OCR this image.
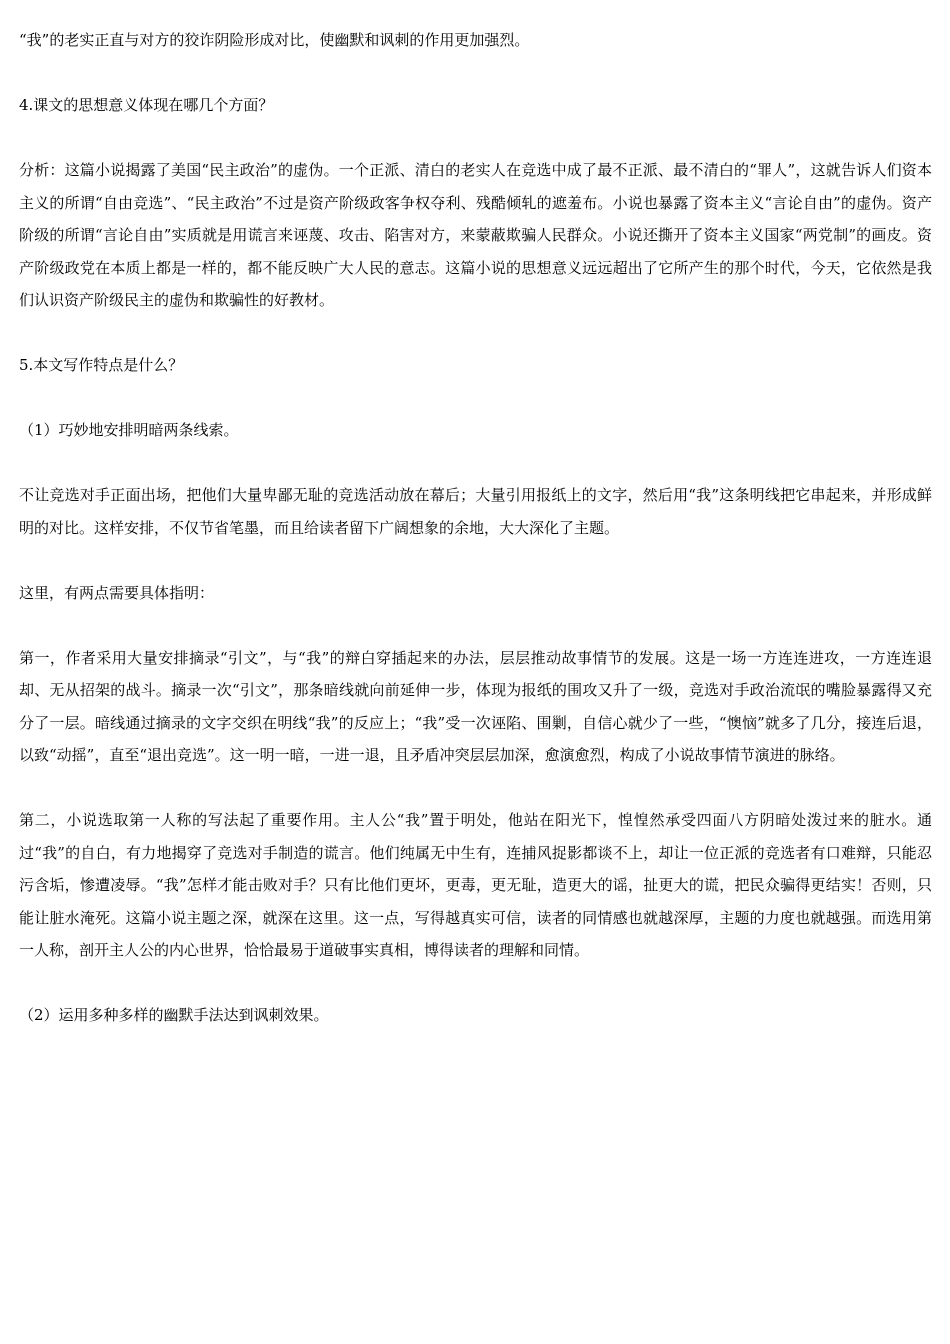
“我”的老实正直与对方的狡诈阴险形成对比，使幽默和讽刺的作用更加强烈。

4.课文的思想意义体现在哪几个方面？

分析：这篇小说揭露了美国“民主政治”的虚伪。一个正派、清白的老实人在竞选中成了最不正派、最不清白的“罪人”，这就告诉人们资本主义的所谓“自由竞选”、“民主政治”不过是资产阶级政客争权夺利、残酷倾轧的遮羞布。小说也暴露了资本主义“言论自由”的虚伪。资产阶级的所谓“言论自由”实质就是用谎言来诬蔑、攻击、陷害对方，来蒙蔽欺骗人民群众。小说还撕开了资本主义国家“两党制”的画皮。资产阶级政党在本质上都是一样的，都不能反映广大人民的意志。这篇小说的思想意义远远超出了它所产生的那个时代，今天，它依然是我们认识资产阶级民主的虚伪和欺骗性的好教材。

5.本文写作特点是什么？

（1）巧妙地安排明暗两条线索。

不让竞选对手正面出场，把他们大量卑鄙无耻的竞选活动放在幕后；大量引用报纸上的文字，然后用“我”这条明线把它串起来，并形成鲜明的对比。这样安排，不仅节省笔墨，而且给读者留下广阔想象的余地，大大深化了主题。

这里，有两点需要具体指明：

第一，作者采用大量安排摘录“引文”，与“我”的辩白穿插起来的办法，层层推动故事情节的发展。这是一场一方连连进攻，一方连连退却、无从招架的战斗。摘录一次“引文”，那条暗线就向前延伸一步，体现为报纸的围攻又升了一级，竞选对手政治流氓的嘴脸暴露得又充分了一层。暗线通过摘录的文字交织在明线“我”的反应上；“我”受一次诬陷、围剿，自信心就少了一些，“懊恼”就多了几分，接连后退，以致“动摇”，直至“退出竞选”。这一明一暗，一进一退，且矛盾冲突层层加深，愈演愈烈，构成了小说故事情节演进的脉络。

第二，小说选取第一人称的写法起了重要作用。主人公“我”置于明处，他站在阳光下，惶惶然承受四面八方阴暗处泼过来的脏水。通过“我”的自白，有力地揭穿了竞选对手制造的谎言。他们纯属无中生有，连捕风捉影都谈不上，却让一位正派的竞选者有口难辩，只能忍污含垢，惨遭凌辱。“我”怎样才能击败对手？只有比他们更坏，更毒，更无耻，造更大的谣，扯更大的谎，把民众骗得更结实！否则，只能让脏水淹死。这篇小说主题之深，就深在这里。这一点，写得越真实可信，读者的同情感也就越深厚，主题的力度也就越强。而选用第一人称，剖开主人公的内心世界，恰恰最易于道破事实真相，博得读者的理解和同情。

（2）运用多种多样的幽默手法达到讽刺效果。
